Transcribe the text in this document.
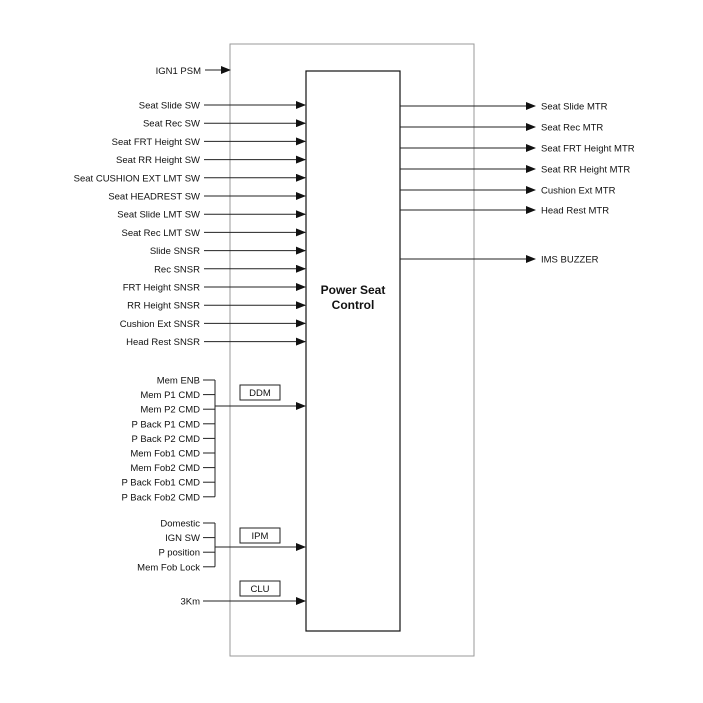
Power Seat
Control
IGN1 PSM
Seat Slide SW
Seat Rec SW
Seat FRT Height SW
Seat RR Height SW
Seat CUSHION EXT LMT SW
Seat HEADREST SW
Seat Slide LMT SW
Seat Rec LMT SW
Slide SNSR
Rec SNSR
FRT Height SNSR
RR Height SNSR
Cushion Ext SNSR
Head Rest SNSR
Seat Slide MTR
Seat Rec MTR
Seat FRT Height MTR
Seat RR Height MTR
Cushion Ext MTR
Head Rest MTR
IMS BUZZER
Mem ENB
Mem P1 CMD
Mem P2 CMD
P Back P1 CMD
P Back P2 CMD
Mem Fob1 CMD
Mem Fob2 CMD
P Back Fob1 CMD
P Back Fob2 CMD
DDM
Domestic
IGN SW
P position
Mem Fob Lock
IPM
3Km
CLU
